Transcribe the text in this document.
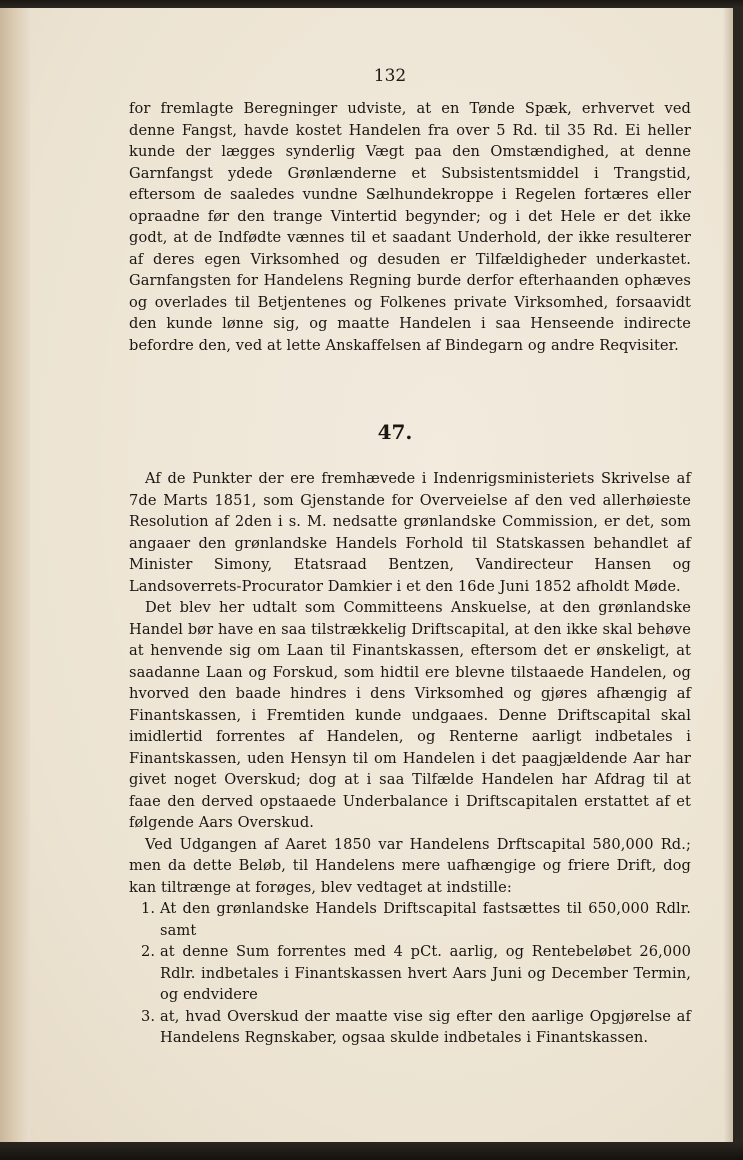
132

for fremlagte Beregninger udviste, at en Tønde Spæk, erhvervet ved denne Fangst, havde kostet Handelen fra over 5 Rd. til 35 Rd. Ei heller kunde der lægges synderlig Vægt paa den Omstændighed, at denne Garnfangst ydede Grønlænderne et Subsistentsmiddel i Trangstid, eftersom de saaledes vundne Sælhundekroppe i Regelen fortæres eller opraadne før den trange Vintertid begynder; og i det Hele er det ikke godt, at de Indfødte vænnes til et saadant Underhold, der ikke resulterer af deres egen Virksomhed og desuden er Tilfældigheder underkastet. Garnfangsten for Handelens Regning burde derfor efterhaanden ophæves og overlades til Betjentenes og Folkenes private Virksomhed, forsaavidt den kunde lønne sig, og maatte Handelen i saa Henseende indirecte befordre den, ved at lette Anskaffelsen af Bindegarn og andre Reqvisiter.

47.

Af de Punkter der ere fremhævede i Indenrigsministeriets Skrivelse af 7de Marts 1851, som Gjenstande for Overveielse af den ved allerhøieste Resolution af 2den i s. M. nedsatte grønlandske Commission, er det, som angaaer den grønlandske Handels Forhold til Statskassen behandlet af Minister Simony, Etatsraad Bentzen, Vandirecteur Hansen og Landsoverrets-Procurator Damkier i et den 16de Juni 1852 afholdt Møde.

Det blev her udtalt som Committeens Anskuelse, at den grønlandske Handel bør have en saa tilstrækkelig Driftscapital, at den ikke skal behøve at henvende sig om Laan til Finantskassen, eftersom det er ønskeligt, at saadanne Laan og Forskud, som hidtil ere blevne tilstaaede Handelen, og hvorved den baade hindres i dens Virksomhed og gjøres afhængig af Finantskassen, i Fremtiden kunde undgaaes. Denne Driftscapital skal imidlertid forrentes af Handelen, og Renterne aarligt indbetales i Finantskassen, uden Hensyn til om Handelen i det paagjældende Aar har givet noget Overskud; dog at i saa Tilfælde Handelen har Afdrag til at faae den derved opstaaede Underbalance i Driftscapitalen erstattet af et følgende Aars Overskud.

Ved Udgangen af Aaret 1850 var Handelens Drftscapital 580,000 Rd.; men da dette Beløb, til Handelens mere uafhængige og friere Drift, dog kan tiltrænge at forøges, blev vedtaget at indstille:

1. At den grønlandske Handels Driftscapital fastsættes til 650,000 Rdlr. samt
2. at denne Sum forrentes med 4 pCt. aarlig, og Rentebeløbet 26,000 Rdlr. indbetales i Finantskassen hvert Aars Juni og December Termin, og endvidere
3. at, hvad Overskud der maatte vise sig efter den aarlige Opgjørelse af Handelens Regnskaber, ogsaa skulde indbetales i Finantskassen.
